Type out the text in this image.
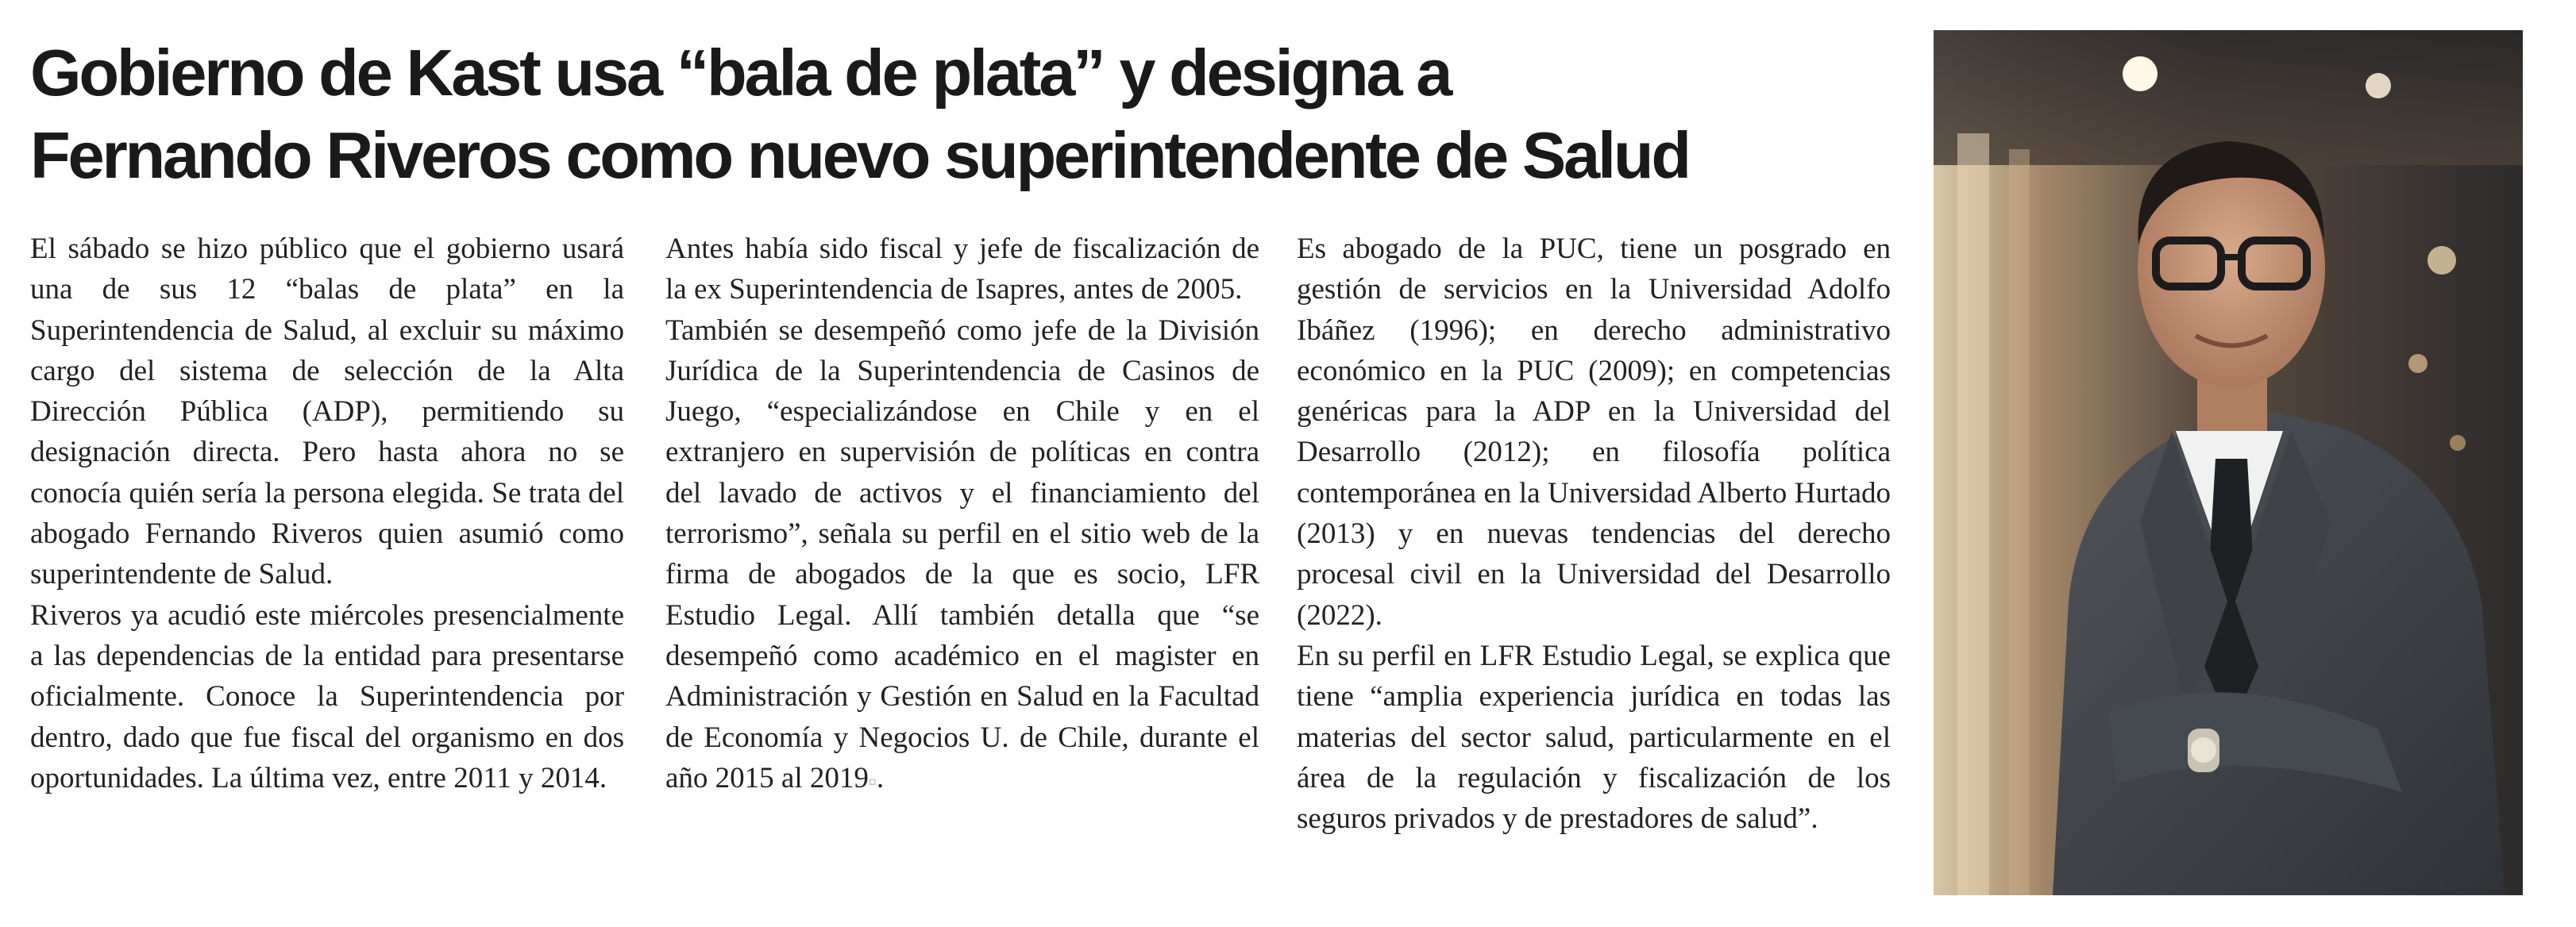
Gobierno de Kast usa “bala de plata” y designa a
Fernando Riveros como nuevo superintendente de Salud

El sábado se hizo público que el gobierno usará una de sus 12 “balas de plata” en la Superintendencia de Salud, al excluir su máximo cargo del sistema de selección de la Alta Dirección Pública (ADP), permitiendo su designación directa. Pero hasta ahora no se conocía quién sería la persona elegida. Se trata del abogado Fernando Riveros quien asumió como superintendente de Salud.

Riveros ya acudió este miércoles presencialmente a las dependencias de la entidad para presentarse oficialmente. Conoce la Superintendencia por dentro, dado que fue fiscal del organismo en dos oportunidades. La última vez, entre 2011 y 2014.

Antes había sido fiscal y jefe de fiscalización de la ex Superintendencia de Isapres, antes de 2005.

También se desempeñó como jefe de la División Jurídica de la Superintendencia de Casinos de Juego, “especializándose en Chile y en el extranjero en supervisión de políticas en contra del lavado de activos y el financiamiento del terrorismo”, señala su perfil en el sitio web de la firma de abogados de la que es socio, LFR Estudio Legal. Allí también detalla que “se desempeñó como académico en el magister en Administración y Gestión en Salud en la Facultad de Economía y Negocios U. de Chile, durante el año 2015 al 2019¤.

Es abogado de la PUC, tiene un posgrado en gestión de servicios en la Universidad Adolfo Ibáñez (1996); en derecho administrativo económico en la PUC (2009); en competencias genéricas para la ADP en la Universidad del Desarrollo (2012); en filosofía política contemporánea en la Universidad Alberto Hurtado (2013) y en nuevas tendencias del derecho procesal civil en la Universidad del Desarrollo (2022).

En su perfil en LFR Estudio Legal, se explica que tiene “amplia experiencia jurídica en todas las materias del sector salud, particularmente en el área de la regulación y fiscalización de los seguros privados y de prestadores de salud”.
